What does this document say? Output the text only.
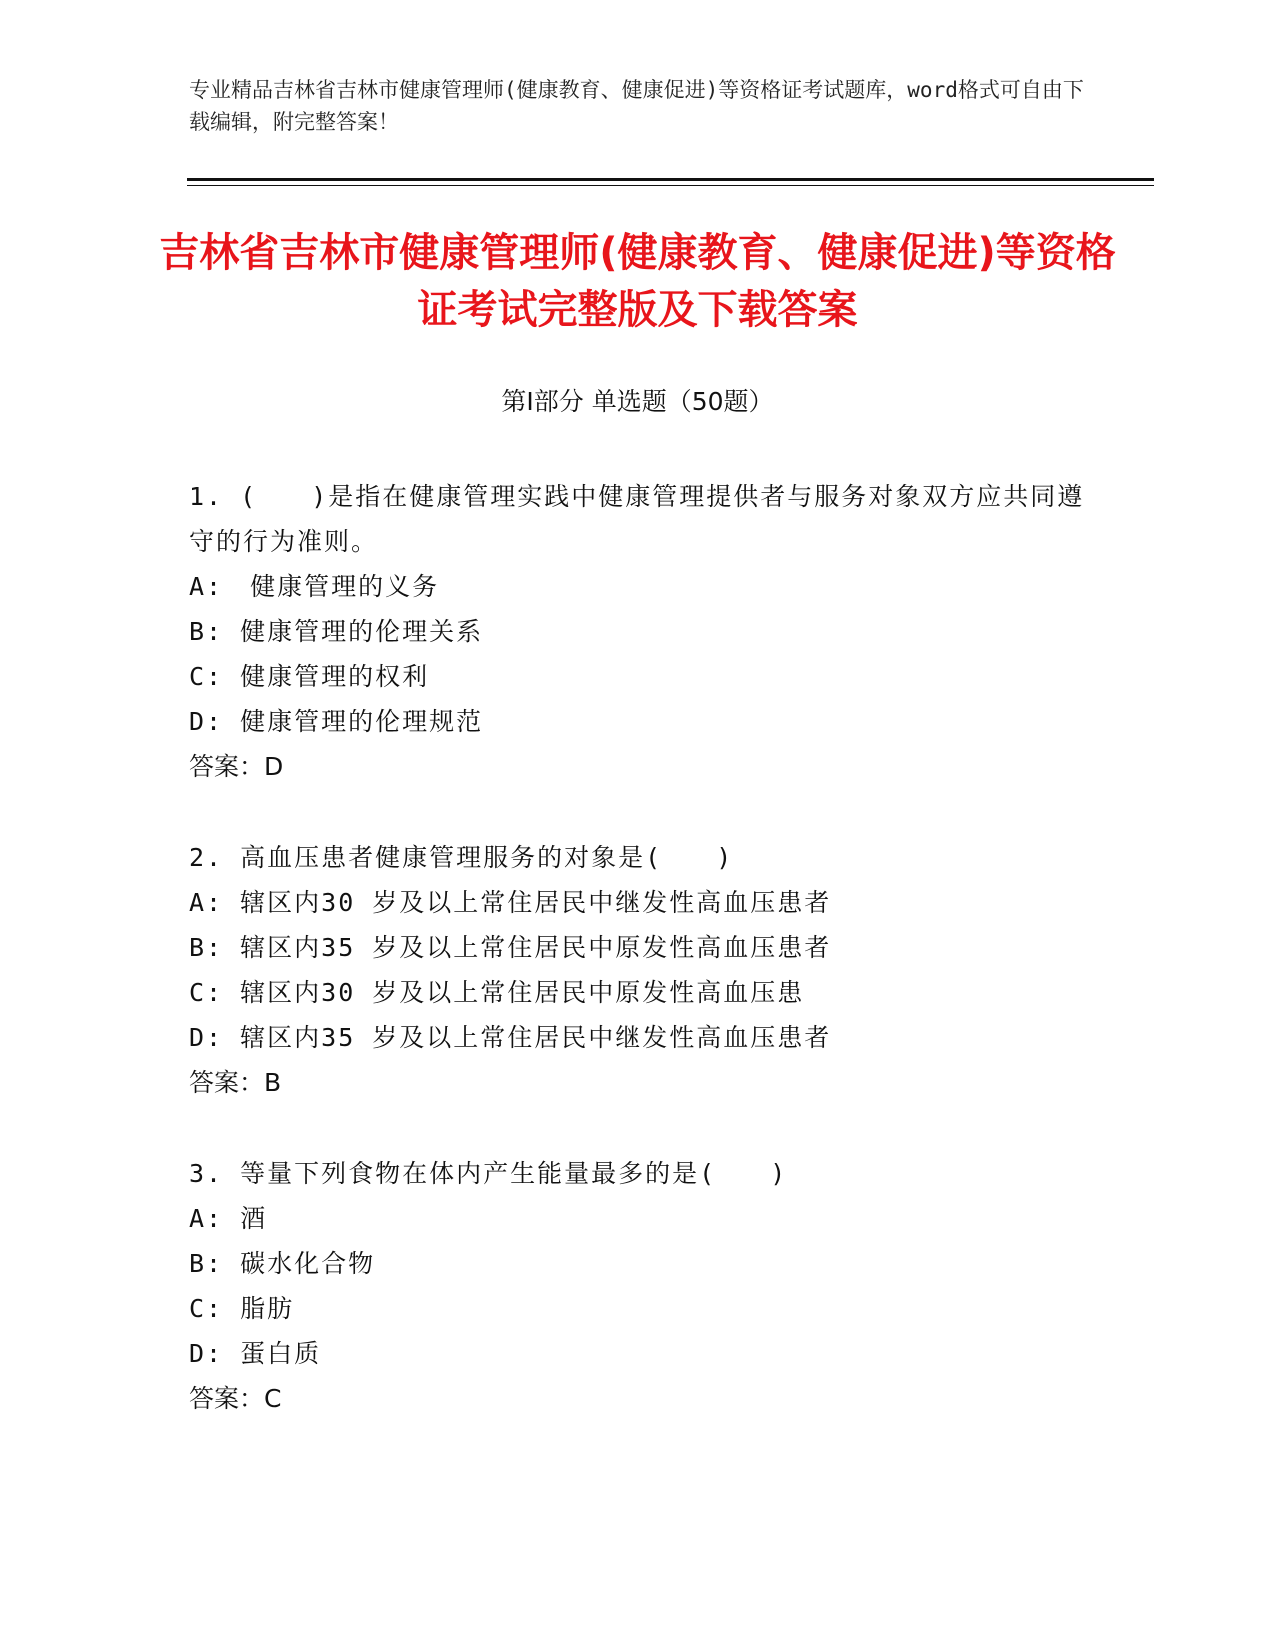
专业精品吉林省吉林市健康管理师(健康教育、健康促进)等资格证考试题库，word格式可自由下载编辑，附完整答案！
吉林省吉林市健康管理师(健康教育、健康促进)等资格证考试完整版及下载答案
第Ⅰ部分 单选题（50题）
1. (　　)是指在健康管理实践中健康管理提供者与服务对象双方应共同遵守的行为准则。
A:　健康管理的义务
B: 健康管理的伦理关系
C: 健康管理的权利
D: 健康管理的伦理规范
答案：D
2. 高血压患者健康管理服务的对象是(　　)
A: 辖区内30 岁及以上常住居民中继发性高血压患者
B: 辖区内35 岁及以上常住居民中原发性高血压患者
C: 辖区内30 岁及以上常住居民中原发性高血压患
D: 辖区内35 岁及以上常住居民中继发性高血压患者
答案：B
3. 等量下列食物在体内产生能量最多的是(　　)
A: 酒
B: 碳水化合物
C: 脂肪
D: 蛋白质
答案：C
